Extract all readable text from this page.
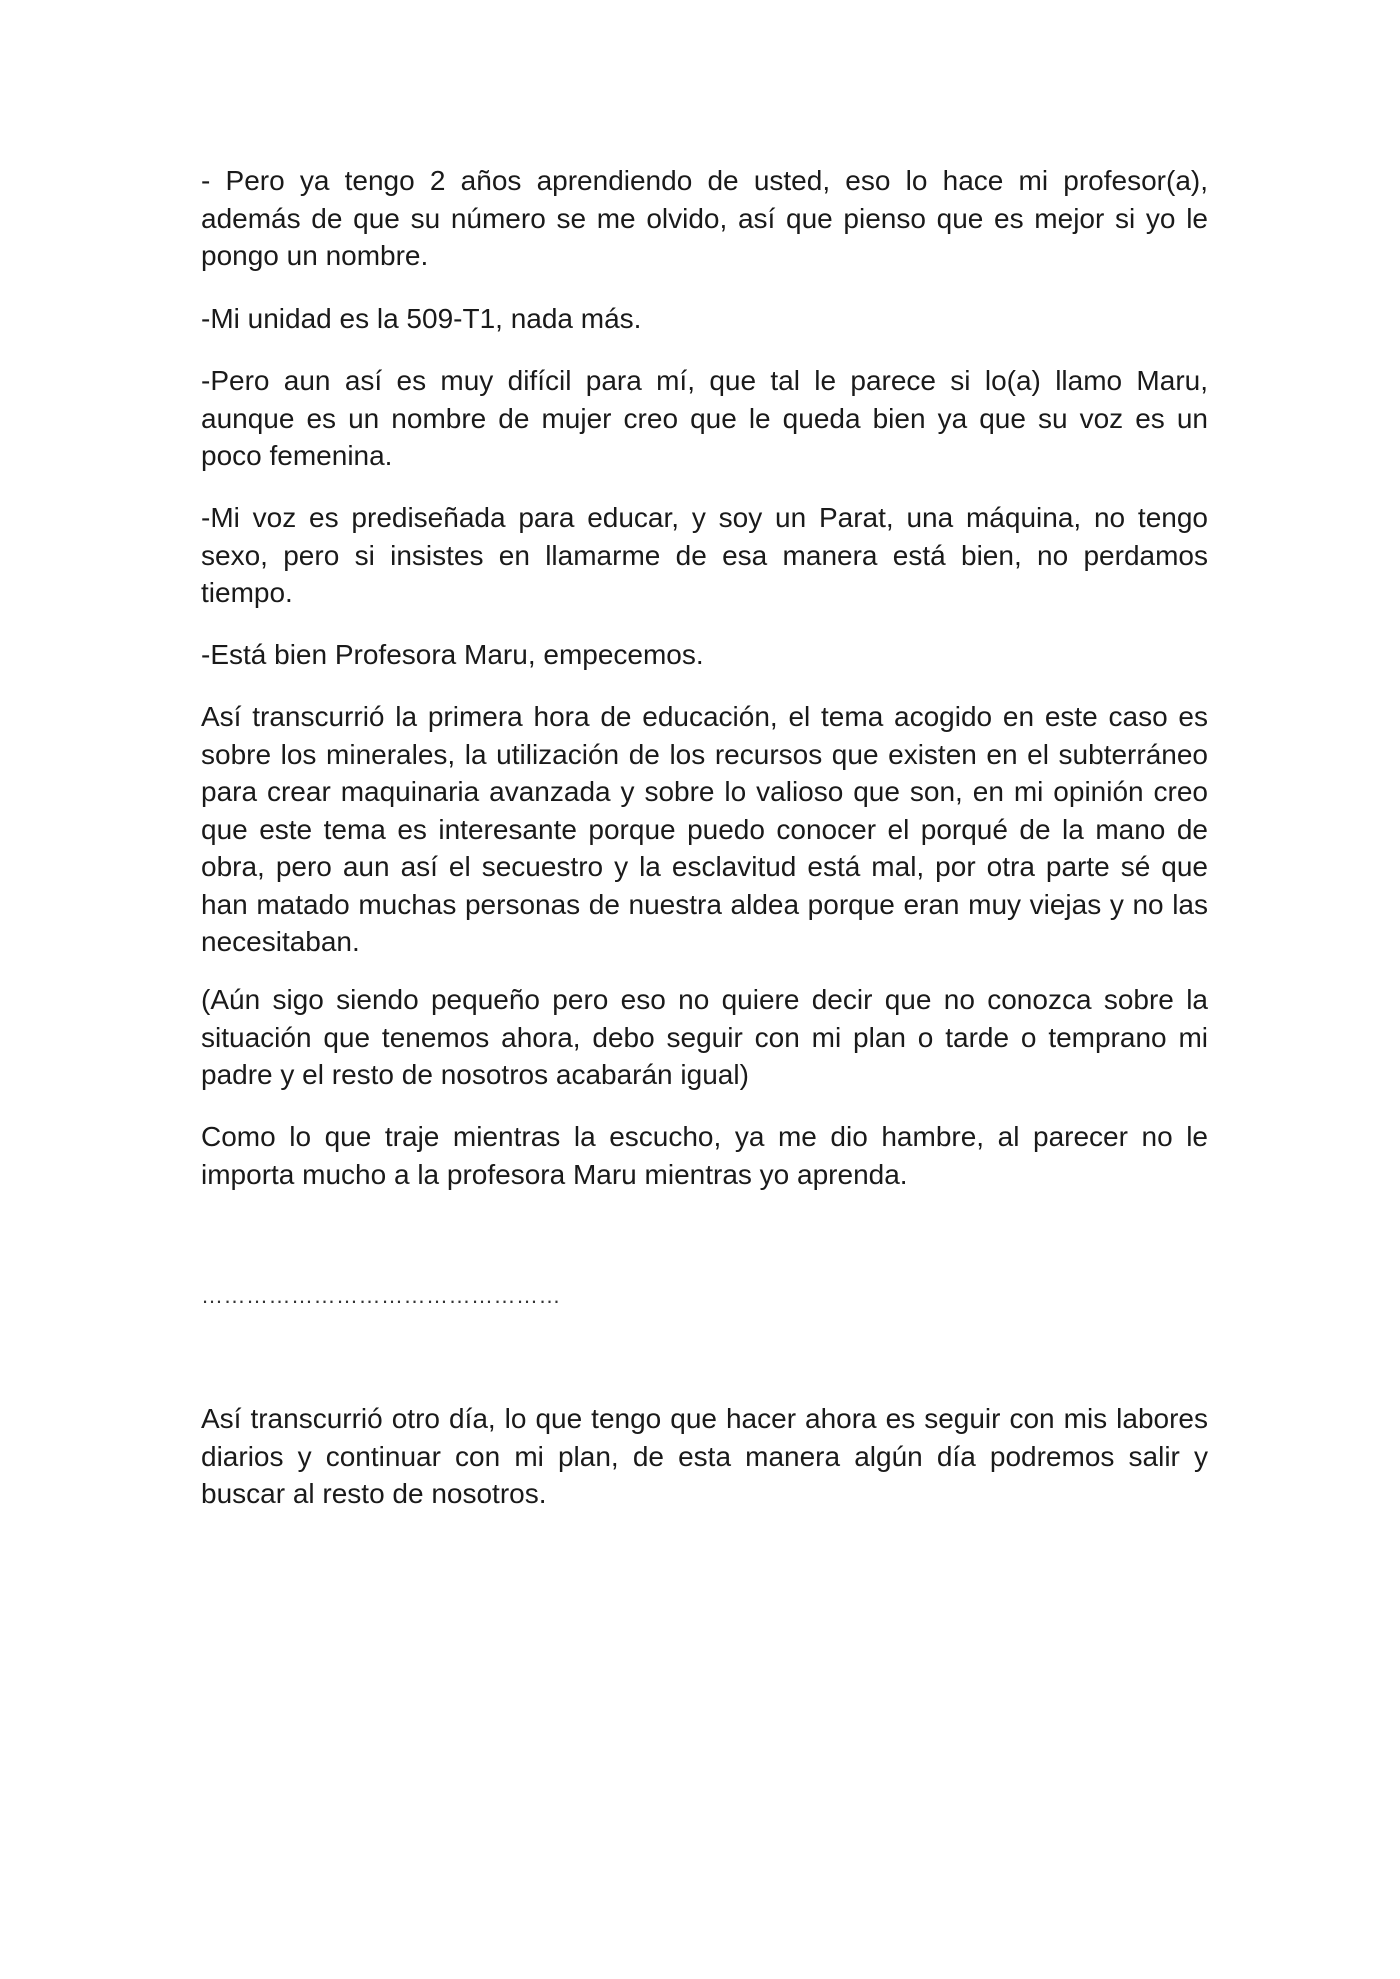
- Pero ya tengo 2 años aprendiendo de usted, eso lo hace mi profesor(a), además de que su número se me olvido, así que pienso que es mejor si yo le pongo un nombre.

-Mi unidad es la 509-T1, nada más.

-Pero aun así es muy difícil para mí, que tal le parece si lo(a) llamo Maru, aunque es un nombre de mujer creo que le queda bien ya que su voz es un poco femenina.

-Mi voz es prediseñada para educar, y soy un Parat, una máquina, no tengo sexo, pero si insistes en llamarme de esa manera está bien, no perdamos tiempo.

-Está bien Profesora Maru, empecemos.

Así transcurrió la primera hora de educación, el tema acogido en este caso es sobre los minerales, la utilización de los recursos que existen en el subterráneo para crear maquinaria avanzada y sobre lo valioso que son, en mi opinión creo que este tema es interesante porque puedo conocer el porqué de la mano de obra, pero aun así el secuestro y la esclavitud está mal, por otra parte sé que han matado muchas personas de nuestra aldea porque eran muy viejas y no las necesitaban.

(Aún sigo siendo pequeño pero eso no quiere decir que no conozca sobre la situación que tenemos ahora, debo seguir con mi plan o tarde o temprano mi padre y el resto de nosotros acabarán igual)

Como lo que traje mientras la escucho, ya me dio hambre, al parecer no le importa mucho a la profesora Maru mientras yo aprenda.

…………………………………………

Así transcurrió otro día, lo que tengo que hacer ahora es seguir con mis labores diarios y continuar con mi plan, de esta manera algún día podremos salir y buscar al resto de nosotros.
